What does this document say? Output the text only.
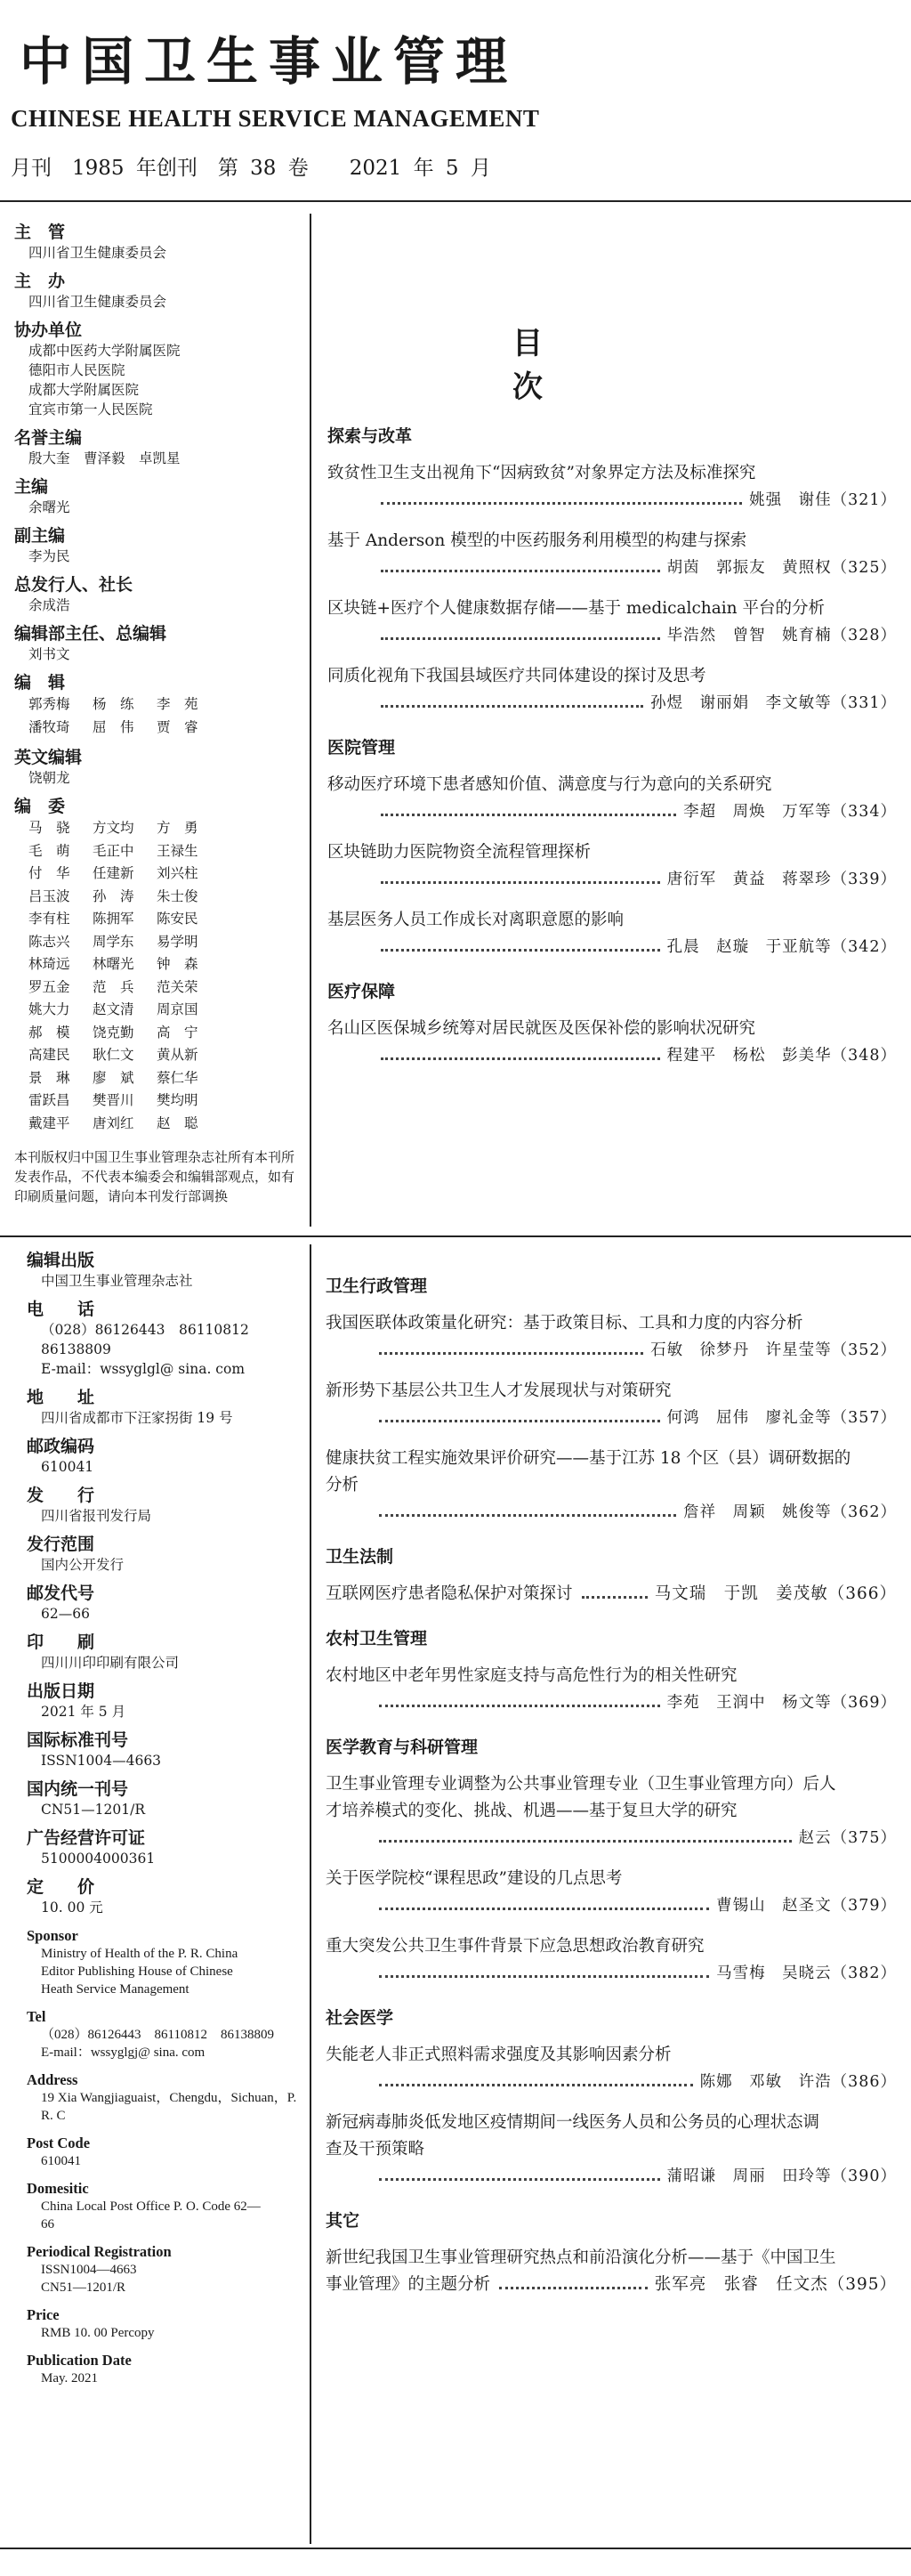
中国卫生事业管理
CHINESE HEALTH SERVICE MANAGEMENT
月刊　1985 年创刊　第 38 卷　　2021 年 5 月
主　管
四川省卫生健康委员会
主　办
四川省卫生健康委员会
协办单位
成都中医药大学附属医院
德阳市人民医院
成都大学附属医院
宜宾市第一人民医院
名誉主编
殷大奎　曹泽毅　卓凯星
主编
余曙光
副主编
李为民
总发行人、社长
余成浩
编辑部主任、总编辑
刘书文
编　辑
郭秀梅	杨　练	李　苑
潘牧琦	屈　伟	贾　睿
英文编辑
饶朝龙
编　委
马　骁	方文均	方　勇
毛　萌	毛正中	王禄生
付　华	任建新	刘兴柱
吕玉波	孙　涛	朱士俊
李有柱	陈拥军	陈安民
陈志兴	周学东	易学明
林琦远	林曙光	钟　森
罗五金	范　兵	范关荣
姚大力	赵文清	周京国
郝　模	饶克勤	高　宁
高建民	耿仁文	黄从新
景　琳	廖　斌	蔡仁华
雷跃昌	樊晋川	樊均明
戴建平	唐刘红	赵　聪
本刊版权归中国卫生事业管理杂志社所有本刊所发表作品，不代表本编委会和编辑部观点，如有印刷质量问题，请向本刊发行部调换
目　次
探索与改革
致贫性卫生支出视角下“因病致贫”对象界定方法及标准探究
姚强　谢佳（321）
基于 Anderson 模型的中医药服务利用模型的构建与探索
胡茵　郭振友　黄照权（325）
区块链+医疗个人健康数据存储——基于 medicalchain 平台的分析
毕浩然　曾智　姚育楠（328）
同质化视角下我国县域医疗共同体建设的探讨及思考
孙煜　谢丽娟　李文敏等（331）
医院管理
移动医疗环境下患者感知价值、满意度与行为意向的关系研究
李超　周焕　万军等（334）
区块链助力医院物资全流程管理探析
唐衍军　黄益　蒋翠珍（339）
基层医务人员工作成长对离职意愿的影响
孔晨　赵璇　于亚航等（342）
医疗保障
名山区医保城乡统筹对居民就医及医保补偿的影响状况研究
程建平　杨松　彭美华（348）
编辑出版
中国卫生事业管理杂志社
电　　话
（028）86126443　86110812　86138809
E-mail：wssyglgl@ sina. com
地　　址
四川省成都市下汪家拐街 19 号
邮政编码
610041
发　　行
四川省报刊发行局
发行范围
国内公开发行
邮发代号
62—66
印　　刷
四川川印印刷有限公司
出版日期
2021 年 5 月
国际标准刊号
ISSN1004—4663
国内统一刊号
CN51—1201/R
广告经营许可证
5100004000361
定　　价
10. 00 元
Sponsor
Ministry of Health of the P. R. China
Editor Publishing House of Chinese
Heath Service Management
Tel
（028）86126443　86110812　86138809
E-mail：wssyglgj@ sina. com
Address
19 Xia Wangjiaguaist，Chengdu，Sichuan，P.
R. C
Post Code
610041
Domesitic
China Local Post Office P. O. Code 62—
66
Periodical Registration
ISSN1004—4663
CN51—1201/R
Price
RMB 10. 00 Percopy
Publication Date
May. 2021
卫生行政管理
我国医联体政策量化研究：基于政策目标、工具和力度的内容分析
石敏　徐梦丹　许星莹等（352）
新形势下基层公共卫生人才发展现状与对策研究
何鸿　屈伟　廖礼金等（357）
健康扶贫工程实施效果评价研究——基于江苏 18 个区（县）调研数据的
分析
詹祥　周颖　姚俊等（362）
卫生法制
互联网医疗患者隐私保护对策探讨	马文瑞　于凯　姜茂敏（366）
农村卫生管理
农村地区中老年男性家庭支持与高危性行为的相关性研究
李苑　王润中　杨文等（369）
医学教育与科研管理
卫生事业管理专业调整为公共事业管理专业（卫生事业管理方向）后人
才培养模式的变化、挑战、机遇——基于复旦大学的研究
赵云（375）
关于医学院校“课程思政”建设的几点思考
曹锡山　赵圣文（379）
重大突发公共卫生事件背景下应急思想政治教育研究
马雪梅　吴晓云（382）
社会医学
失能老人非正式照料需求强度及其影响因素分析
陈娜　邓敏　许浩（386）
新冠病毒肺炎低发地区疫情期间一线医务人员和公务员的心理状态调
查及干预策略
蒲昭谦　周丽　田玲等（390）
其它
新世纪我国卫生事业管理研究热点和前沿演化分析——基于《中国卫生
事业管理》的主题分析	张军亮　张睿　任文杰（395）
